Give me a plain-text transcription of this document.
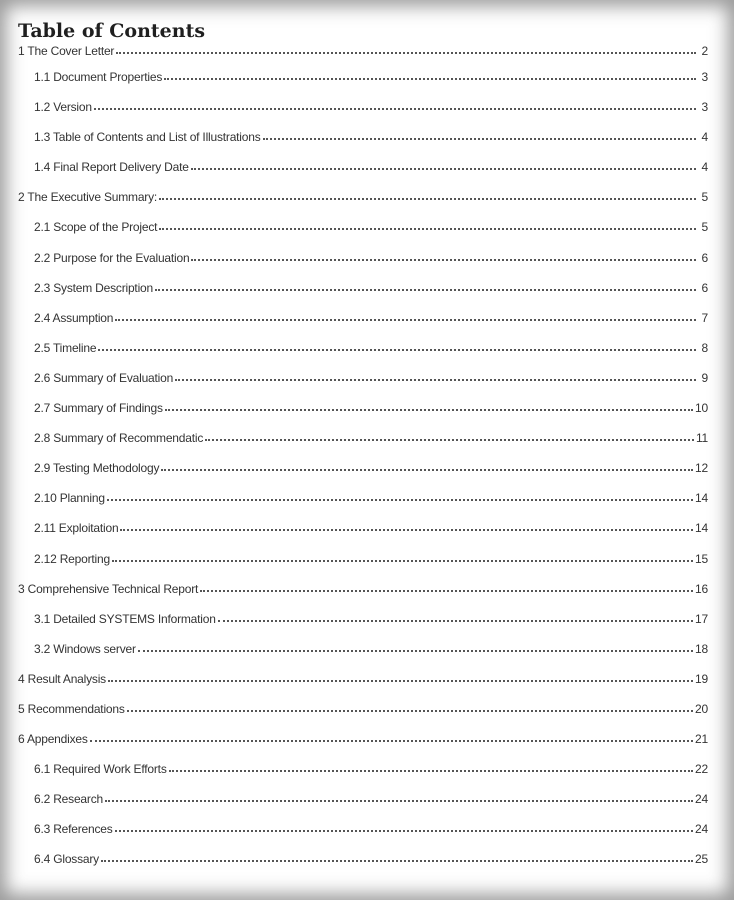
Table of Contents
1 The Cover Letter	2
1.1 Document Properties	3
1.2 Version	3
1.3 Table of Contents and List of Illustrations	4
1.4 Final Report Delivery Date	4
2 The Executive Summary:	5
2.1 Scope of the Project	5
2.2 Purpose for the Evaluation	6
2.3 System Description	6
2.4 Assumption	7
2.5 Timeline	8
2.6 Summary of Evaluation	9
2.7 Summary of Findings	10
2.8 Summary of Recommendatic	11
2.9 Testing Methodology	12
2.10 Planning	14
2.11 Exploitation	14
2.12 Reporting	15
3 Comprehensive Technical Report	16
3.1 Detailed SYSTEMS Information	17
3.2 Windows server	18
4 Result Analysis	19
5 Recommendations	20
6 Appendixes	21
6.1 Required Work Efforts	22
6.2 Research	24
6.3 References	24
6.4 Glossary	25
